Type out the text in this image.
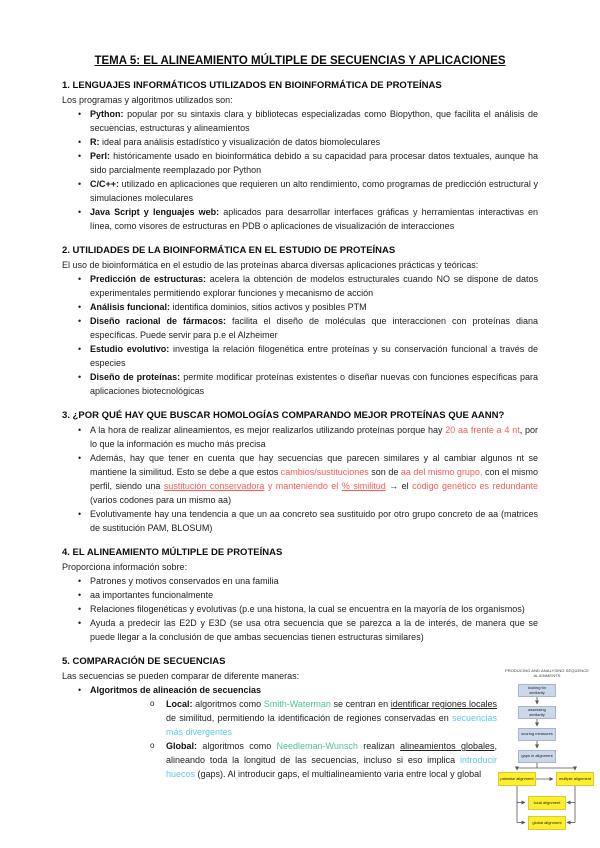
TEMA 5: EL ALINEAMIENTO MÚLTIPLE DE SECUENCIAS Y APLICACIONES
1. LENGUAJES INFORMÁTICOS UTILIZADOS EN BIOINFORMÁTICA DE PROTEÍNAS
Los programas y algoritmos utilizados son:
• Python: popular por su sintaxis clara y bibliotecas especializadas como Biopython, que facilita el análisis de secuencias, estructuras y alineamientos
• R: ideal para análisis estadístico y visualización de datos biomoleculares
• Perl: históricamente usado en bioinformática debido a su capacidad para procesar datos textuales, aunque ha sido parcialmente reemplazado por Python
• C/C++: utilizado en aplicaciones que requieren un alto rendimiento, como programas de predicción estructural y simulaciones moleculares
• Java Script y lenguajes web: aplicados para desarrollar interfaces gráficas y herramientas interactivas en línea, como visores de estructuras en PDB o aplicaciones de visualización de interacciones
2. UTILIDADES DE LA BIOINFORMÁTICA EN EL ESTUDIO DE PROTEÍNAS
El uso de bioinformática en el estudio de las proteínas abarca diversas aplicaciones prácticas y teóricas:
• Predicción de estructuras: acelera la obtención de modelos estructurales cuando NO se dispone de datos experimentales permitiendo explorar funciones y mecanismo de acción
• Análisis funcional: identifica dominios, sitios activos y posibles PTM
• Diseño racional de fármacos: facilita el diseño de moléculas que interaccionen con proteínas diana específicas. Puede servir para p.e el Alzheimer
• Estudio evolutivo: investiga la relación filogenética entre proteínas y su conservación funcional a través de especies
• Diseño de proteínas: permite modificar proteínas existentes o diseñar nuevas con funciones específicas para aplicaciones biotecnológicas
3. ¿POR QUÉ HAY QUE BUSCAR HOMOLOGÍAS COMPARANDO MEJOR PROTEÍNAS QUE AANN?
• A la hora de realizar alineamientos, es mejor realizarlos utilizando proteínas porque hay 20 aa frente a 4 nt, por lo que la información es mucho más precisa
• Además, hay que tener en cuenta que hay secuencias que parecen similares y al cambiar algunos nt se mantiene la similitud. Esto se debe a que estos cambios/sustituciones son de aa del mismo grupo, con el mismo perfil, siendo una sustitución conservadora y manteniendo el % similitud → el código genético es redundante (varios codones para un mismo aa)
• Evolutivamente hay una tendencia a que un aa concreto sea sustituido por otro grupo concreto de aa (matrices de sustitución PAM, BLOSUM)
4. EL ALINEAMIENTO MÚLTIPLE DE PROTEÍNAS
Proporciona información sobre:
• Patrones y motivos conservados en una familia
• aa importantes funcionalmente
• Relaciones filogenéticas y evolutivas (p.e una histona, la cual se encuentra en la mayoría de los organismos)
• Ayuda a predecir las E2D y E3D (se usa otra secuencia que se parezca a la de interés, de manera que se puede llegar a la conclusión de que ambas secuencias tienen estructuras similares)
5. COMPARACIÓN DE SECUENCIAS
Las secuencias se pueden comparar de diferente maneras:
• Algoritmos de alineación de secuencias
o Local: algoritmos como Smith-Waterman se centran en identificar regiones locales de similitud, permitiendo la identificación de regiones conservadas en secuencias más divergentes
o Global: algoritmos como Needleman-Wunsch realizan alineamientos globales, alineando toda la longitud de las secuencias, incluso si eso implica introducir huecos (gaps). Al introducir gaps, el multialineamiento varia entre local y global
PRODUCING AND ANALYSING SEQUENCE ALIGNMENTS
looking for similarity
assessing similarity
scoring measures
gaps in alignment
pairwise alignment	multiple alignment
local alignment
global alignment
